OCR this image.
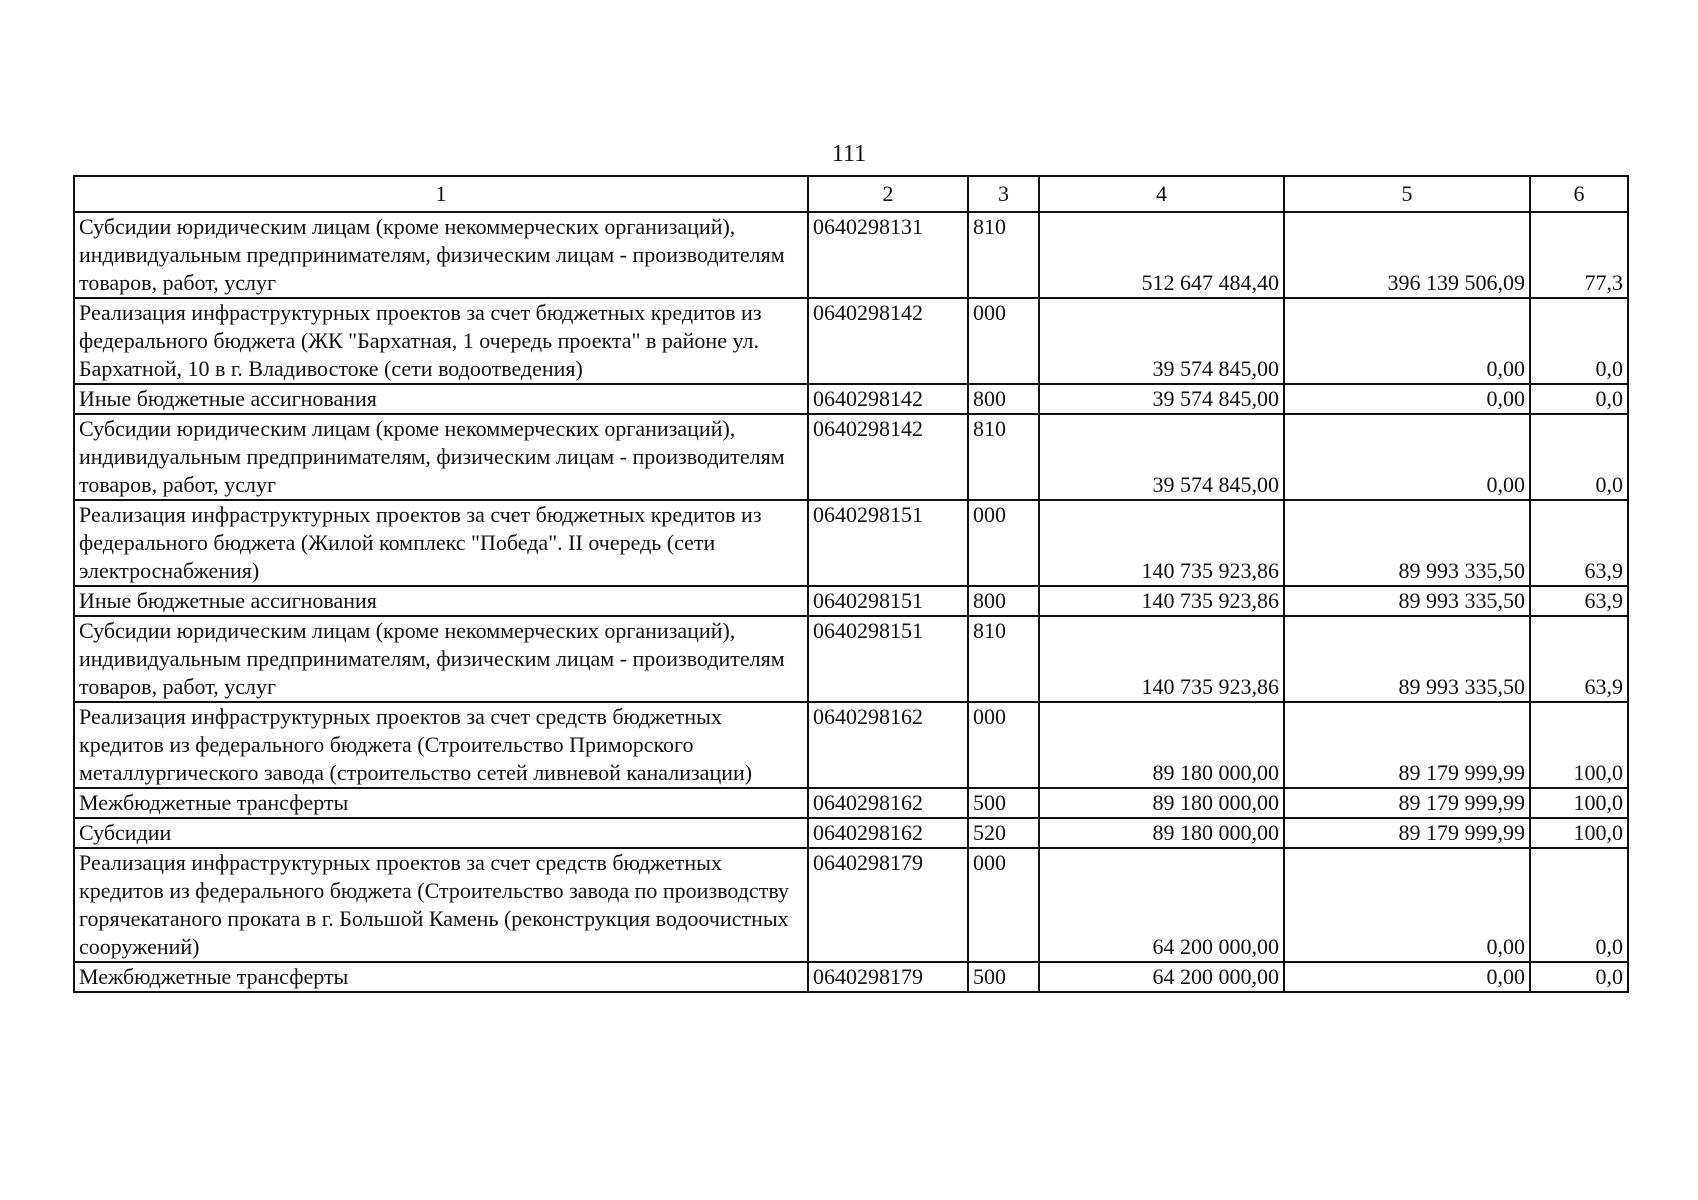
111
1	2	3	4	5	6
Субсидии юридическим лицам (кроме некоммерческих организаций), индивидуальным предпринимателям, физическим лицам - производителям товаров, работ, услуг	0640298131	810	512 647 484,40	396 139 506,09	77,3
Реализация инфраструктурных проектов за счет бюджетных кредитов из федерального бюджета (ЖК "Бархатная, 1 очередь проекта" в районе ул. Бархатной, 10 в г. Владивостоке (сети водоотведения)	0640298142	000	39 574 845,00	0,00	0,0
Иные бюджетные ассигнования	0640298142	800	39 574 845,00	0,00	0,0
Субсидии юридическим лицам (кроме некоммерческих организаций), индивидуальным предпринимателям, физическим лицам - производителям товаров, работ, услуг	0640298142	810	39 574 845,00	0,00	0,0
Реализация инфраструктурных проектов за счет бюджетных кредитов из федерального бюджета (Жилой комплекс "Победа". II очередь (сети электроснабжения)	0640298151	000	140 735 923,86	89 993 335,50	63,9
Иные бюджетные ассигнования	0640298151	800	140 735 923,86	89 993 335,50	63,9
Субсидии юридическим лицам (кроме некоммерческих организаций), индивидуальным предпринимателям, физическим лицам - производителям товаров, работ, услуг	0640298151	810	140 735 923,86	89 993 335,50	63,9
Реализация инфраструктурных проектов за счет средств бюджетных кредитов из федерального бюджета (Строительство Приморского металлургического завода (строительство сетей ливневой канализации)	0640298162	000	89 180 000,00	89 179 999,99	100,0
Межбюджетные трансферты	0640298162	500	89 180 000,00	89 179 999,99	100,0
Субсидии	0640298162	520	89 180 000,00	89 179 999,99	100,0
Реализация инфраструктурных проектов за счет средств бюджетных кредитов из федерального бюджета (Строительство завода по производству горячекатаного проката в г. Большой Камень (реконструкция водоочистных сооружений)	0640298179	000	64 200 000,00	0,00	0,0
Межбюджетные трансферты	0640298179	500	64 200 000,00	0,00	0,0
